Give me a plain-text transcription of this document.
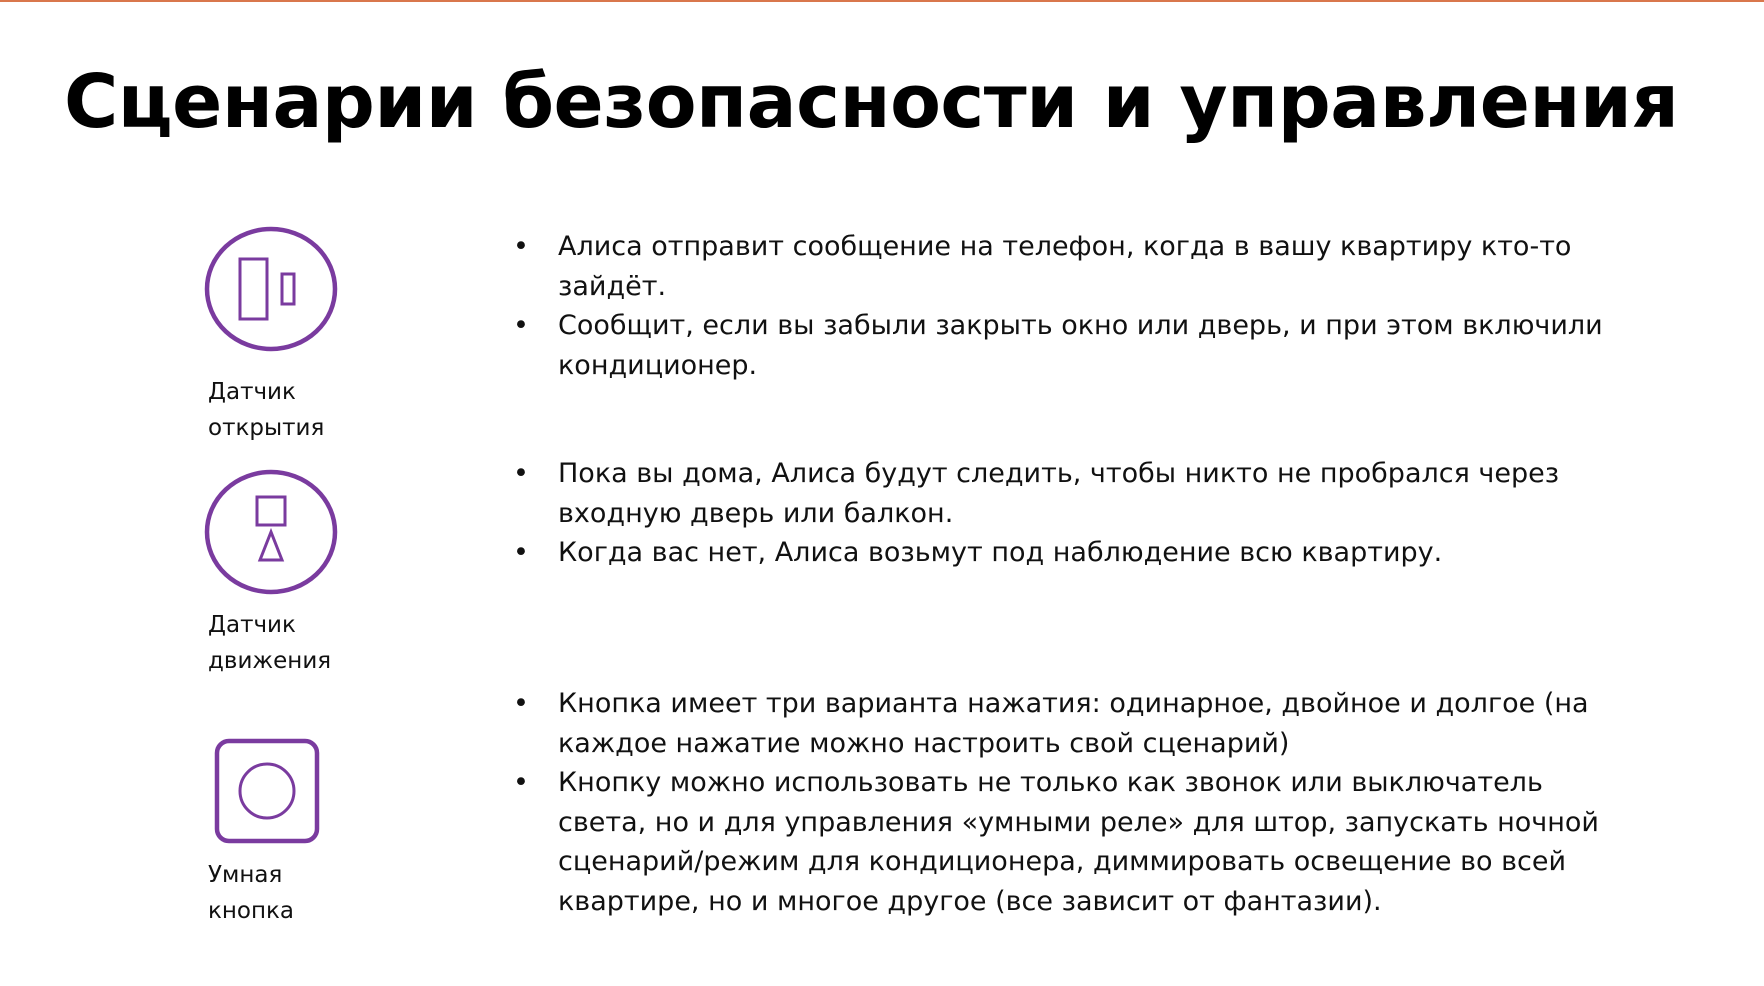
Сценарии безопасности и управления
Датчик
открытия
• Алиса отправит сообщение на телефон, когда в вашу квартиру кто-то зайдёт.
• Сообщит, если вы забыли закрыть окно или дверь, и при этом включили кондиционер.
Датчик
движения
• Пока вы дома, Алиса будут следить, чтобы никто не пробрался через входную дверь или балкон.
• Когда вас нет, Алиса возьмут под наблюдение всю квартиру.
Умная
кнопка
• Кнопка имеет три варианта нажатия: одинарное, двойное и долгое (на каждое нажатие можно настроить свой сценарий)
• Кнопку можно использовать не только как звонок или выключатель света, но и для управления «умными реле» для штор, запускать ночной сценарий/режим для кондиционера, диммировать освещение во всей квартире, но и многое другое (все зависит от фантазии).
